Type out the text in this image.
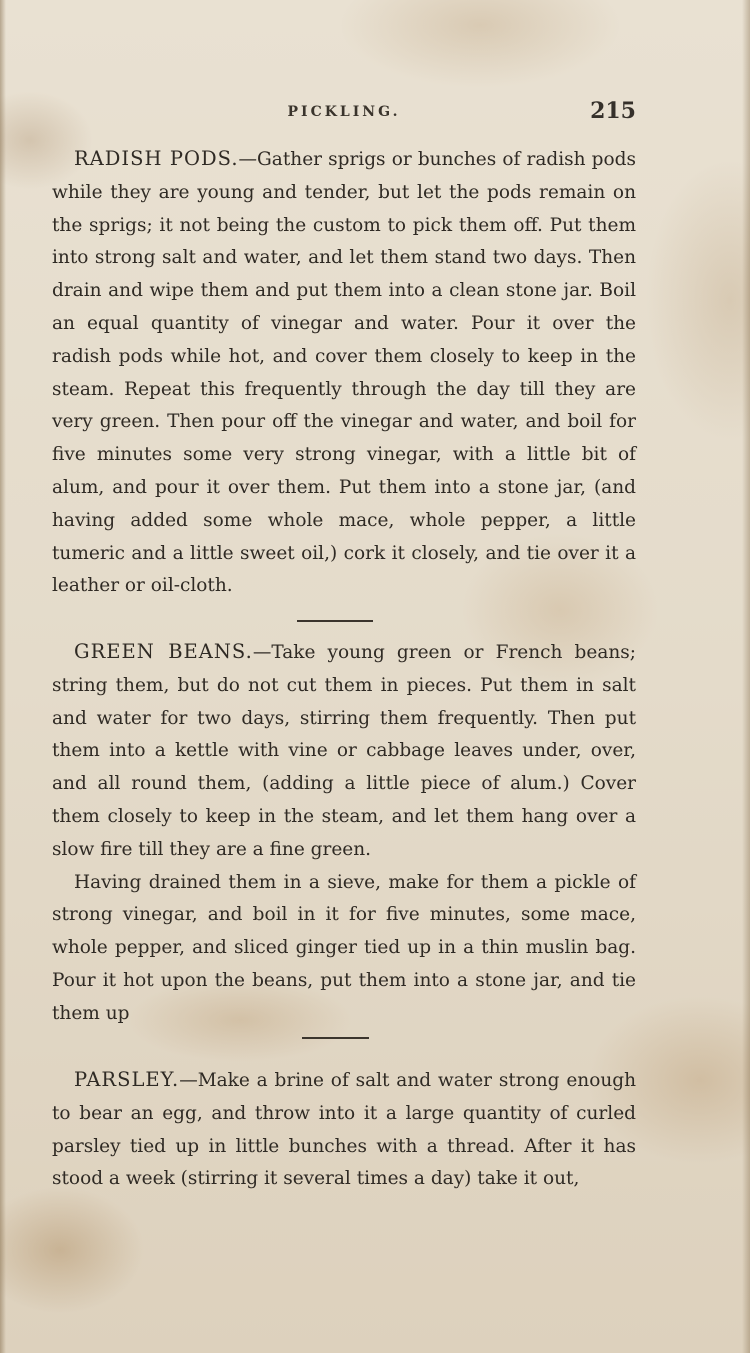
PICKLING.	215

RADISH PODS.—Gather sprigs or bunches of radish pods while they are young and tender, but let the pods remain on the sprigs; it not being the custom to pick them off. Put them into strong salt and water, and let them stand two days. Then drain and wipe them and put them into a clean stone jar. Boil an equal quantity of vinegar and water. Pour it over the radish pods while hot, and cover them closely to keep in the steam. Repeat this frequently through the day till they are very green. Then pour off the vinegar and water, and boil for five minutes some very strong vinegar, with a little bit of alum, and pour it over them. Put them into a stone jar, (and having added some whole mace, whole pepper, a little tumeric and a little sweet oil,) cork it closely, and tie over it a leather or oil-cloth.

GREEN BEANS.—Take young green or French beans; string them, but do not cut them in pieces. Put them in salt and water for two days, stirring them frequently. Then put them into a kettle with vine or cabbage leaves under, over, and all round them, (adding a little piece of alum.) Cover them closely to keep in the steam, and let them hang over a slow fire till they are a fine green.

Having drained them in a sieve, make for them a pickle of strong vinegar, and boil in it for five minutes, some mace, whole pepper, and sliced ginger tied up in a thin muslin bag. Pour it hot upon the beans, put them into a stone jar, and tie them up

PARSLEY.—Make a brine of salt and water strong enough to bear an egg, and throw into it a large quantity of curled parsley tied up in little bunches with a thread. After it has stood a week (stirring it several times a day) take it out,
